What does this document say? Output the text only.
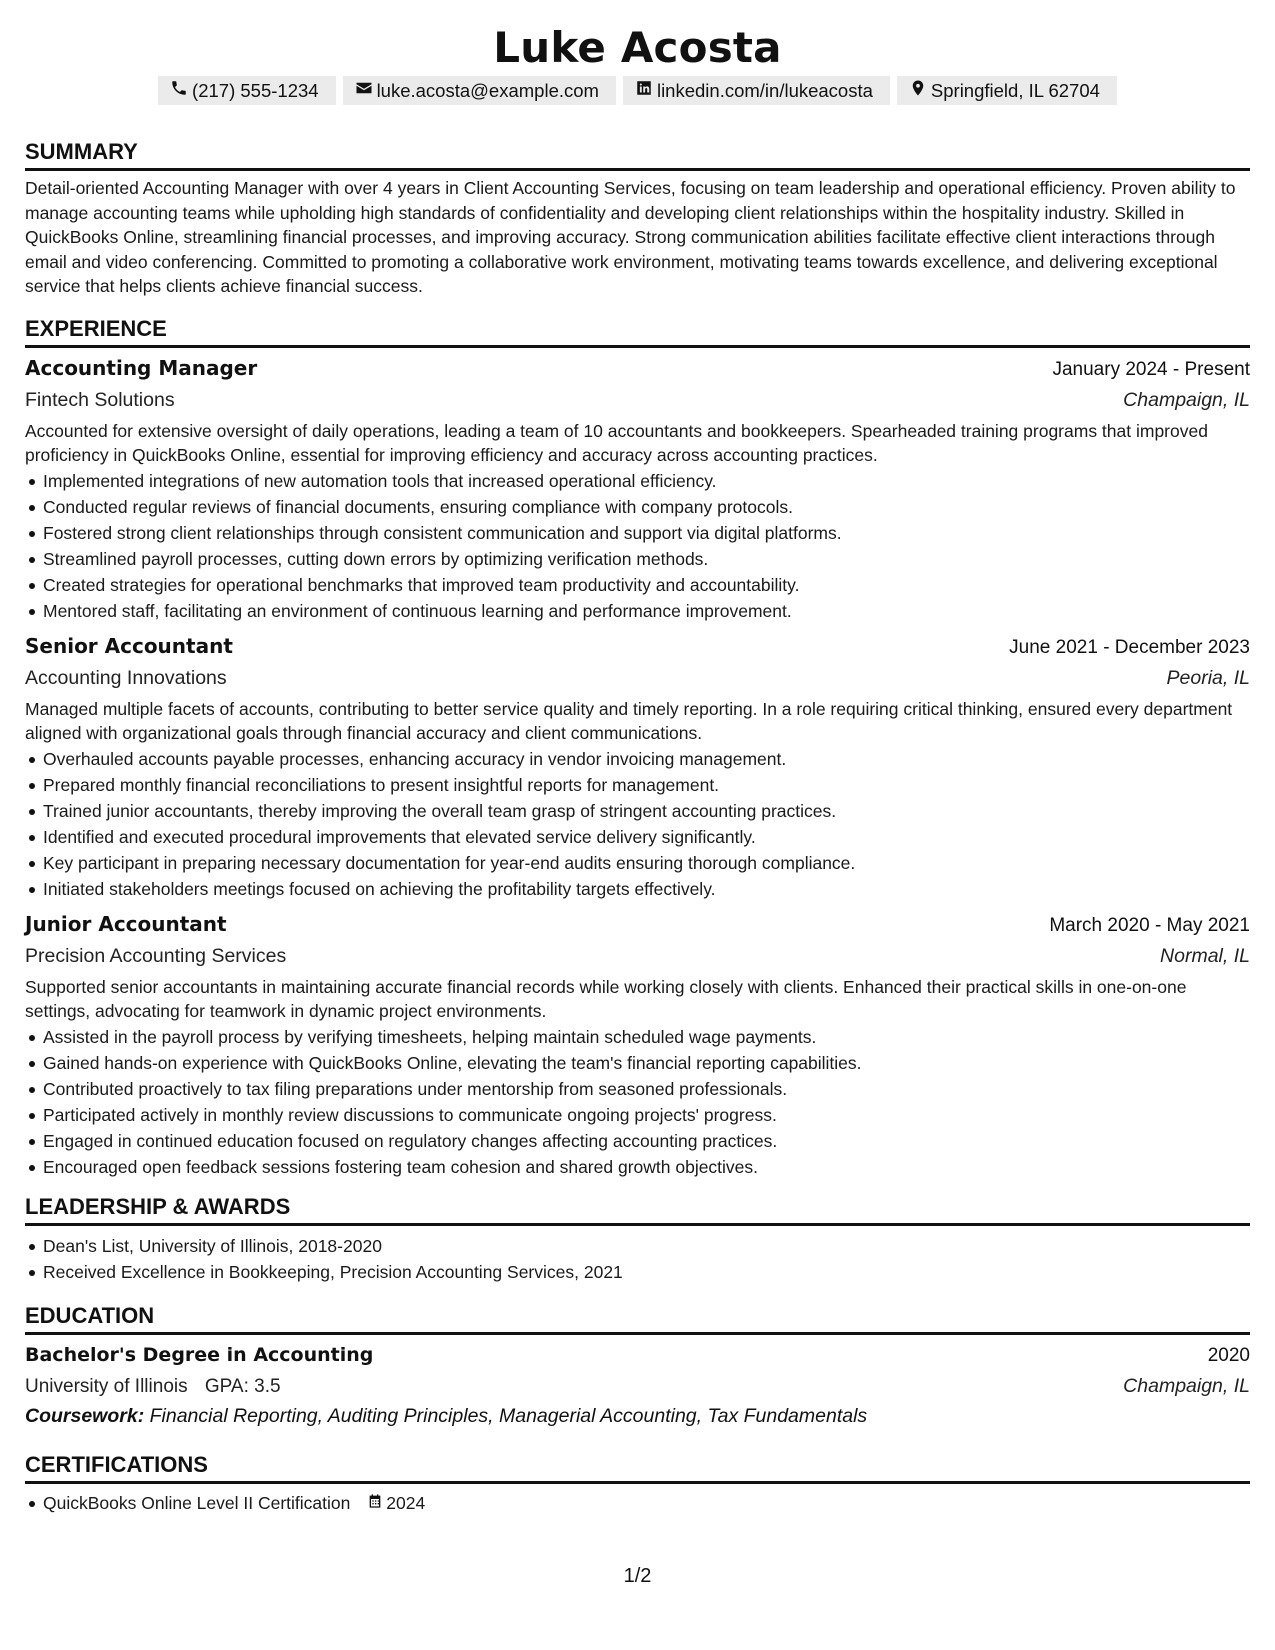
Luke Acosta
(217) 555-1234	luke.acosta@example.com	linkedin.com/in/lukeacosta	Springfield, IL 62704
SUMMARY
Detail-oriented Accounting Manager with over 4 years in Client Accounting Services, focusing on team leadership and operational efficiency. Proven ability to manage accounting teams while upholding high standards of confidentiality and developing client relationships within the hospitality industry. Skilled in QuickBooks Online, streamlining financial processes, and improving accuracy. Strong communication abilities facilitate effective client interactions through email and video conferencing. Committed to promoting a collaborative work environment, motivating teams towards excellence, and delivering exceptional service that helps clients achieve financial success.
EXPERIENCE
Accounting Manager	January 2024 - Present
Fintech Solutions	Champaign, IL
Accounted for extensive oversight of daily operations, leading a team of 10 accountants and bookkeepers. Spearheaded training programs that improved proficiency in QuickBooks Online, essential for improving efficiency and accuracy across accounting practices.
Implemented integrations of new automation tools that increased operational efficiency.
Conducted regular reviews of financial documents, ensuring compliance with company protocols.
Fostered strong client relationships through consistent communication and support via digital platforms.
Streamlined payroll processes, cutting down errors by optimizing verification methods.
Created strategies for operational benchmarks that improved team productivity and accountability.
Mentored staff, facilitating an environment of continuous learning and performance improvement.
Senior Accountant	June 2021 - December 2023
Accounting Innovations	Peoria, IL
Managed multiple facets of accounts, contributing to better service quality and timely reporting. In a role requiring critical thinking, ensured every department aligned with organizational goals through financial accuracy and client communications.
Overhauled accounts payable processes, enhancing accuracy in vendor invoicing management.
Prepared monthly financial reconciliations to present insightful reports for management.
Trained junior accountants, thereby improving the overall team grasp of stringent accounting practices.
Identified and executed procedural improvements that elevated service delivery significantly.
Key participant in preparing necessary documentation for year-end audits ensuring thorough compliance.
Initiated stakeholders meetings focused on achieving the profitability targets effectively.
Junior Accountant	March 2020 - May 2021
Precision Accounting Services	Normal, IL
Supported senior accountants in maintaining accurate financial records while working closely with clients. Enhanced their practical skills in one-on-one settings, advocating for teamwork in dynamic project environments.
Assisted in the payroll process by verifying timesheets, helping maintain scheduled wage payments.
Gained hands-on experience with QuickBooks Online, elevating the team's financial reporting capabilities.
Contributed proactively to tax filing preparations under mentorship from seasoned professionals.
Participated actively in monthly review discussions to communicate ongoing projects' progress.
Engaged in continued education focused on regulatory changes affecting accounting practices.
Encouraged open feedback sessions fostering team cohesion and shared growth objectives.
LEADERSHIP & AWARDS
Dean's List, University of Illinois, 2018-2020
Received Excellence in Bookkeeping, Precision Accounting Services, 2021
EDUCATION
Bachelor's Degree in Accounting	2020
University of Illinois GPA: 3.5	Champaign, IL
Coursework: Financial Reporting, Auditing Principles, Managerial Accounting, Tax Fundamentals
CERTIFICATIONS
QuickBooks Online Level II Certification 2024
1/2
